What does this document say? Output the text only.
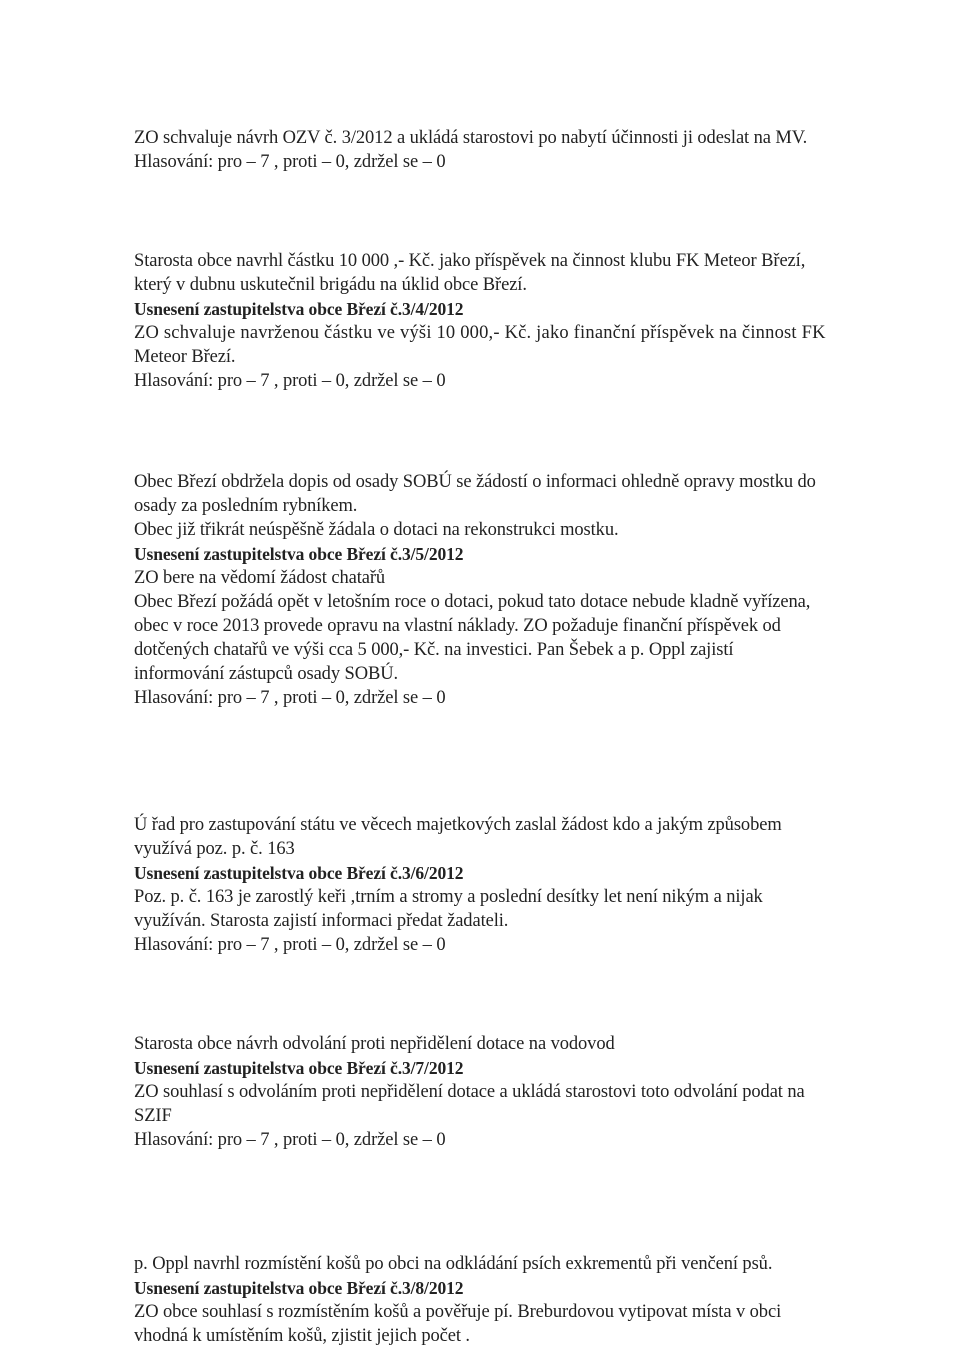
ZO schvaluje návrh OZV č. 3/2012 a ukládá starostovi po nabytí účinnosti ji odeslat na MV.
Hlasování: pro – 7 , proti – 0, zdržel se – 0
Starosta obce navrhl částku 10 000 ,- Kč. jako příspěvek na činnost klubu FK Meteor Březí,
který v dubnu uskutečnil brigádu na úklid obce Březí.
Usnesení zastupitelstva obce Březí č.3/4/2012
ZO schvaluje navrženou částku ve výši 10 000,- Kč. jako finanční příspěvek na činnost FK
Meteor Březí.
Hlasování: pro – 7 , proti – 0, zdržel se – 0
Obec Březí obdržela dopis od osady SOBÚ se žádostí o informaci ohledně opravy mostku do
osady za posledním rybníkem.
Obec již třikrát neúspěšně žádala o dotaci na rekonstrukci mostku.
Usnesení zastupitelstva obce Březí č.3/5/2012
ZO bere na vědomí žádost chatařů
Obec Březí požádá opět v letošním roce o dotaci, pokud tato dotace nebude kladně vyřízena,
obec v roce 2013 provede opravu na vlastní náklady. ZO požaduje finanční příspěvek od
dotčených chatařů ve výši cca 5 000,- Kč. na investici. Pan Šebek a p. Oppl zajistí
informování zástupců osady SOBÚ.
Hlasování: pro – 7 , proti – 0, zdržel se – 0
Ú řad pro zastupování státu ve věcech majetkových zaslal žádost kdo a jakým způsobem
využívá poz. p. č. 163
Usnesení zastupitelstva obce Březí č.3/6/2012
Poz. p. č. 163 je zarostlý keři ,trním a stromy a poslední desítky let není nikým a nijak
využíván. Starosta zajistí informaci předat žadateli.
Hlasování: pro – 7 , proti – 0, zdržel se – 0
Starosta obce návrh odvolání proti nepřidělení dotace na vodovod
Usnesení zastupitelstva obce Březí č.3/7/2012
ZO souhlasí s odvoláním proti nepřidělení dotace a ukládá starostovi toto odvolání podat na
SZIF
Hlasování: pro – 7 , proti – 0, zdržel se – 0
p. Oppl navrhl rozmístění košů po obci na odkládání psích exkrementů při venčení psů.
Usnesení zastupitelstva obce Březí č.3/8/2012
ZO obce souhlasí s rozmístěním košů a pověřuje pí. Breburdovou vytipovat místa v obci
vhodná k umístěním košů, zjistit jejich počet .
